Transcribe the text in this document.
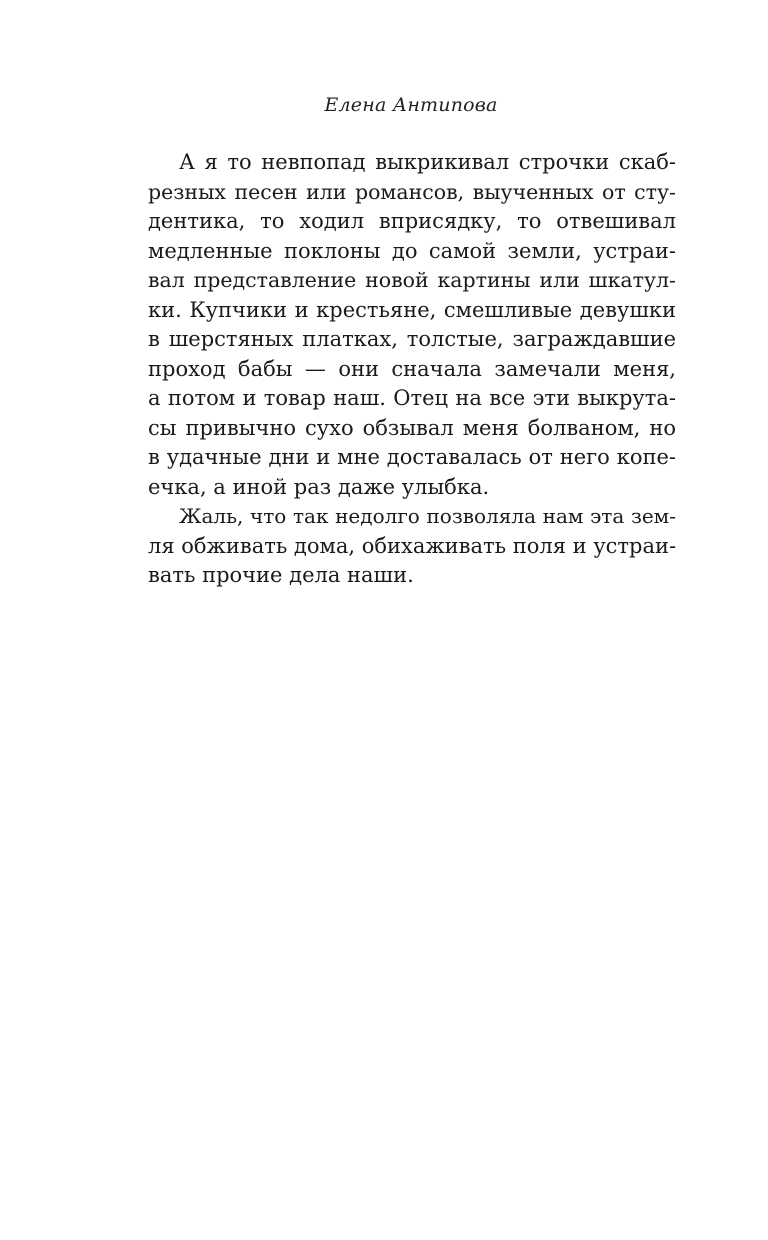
Елена Антипова
А я то невпопад выкрикивал строчки скаб-
резных песен или романсов, выученных от сту-
дентика, то ходил вприсядку, то отвешивал
медленные поклоны до самой земли, устраи-
вал представление новой картины или шкатул-
ки. Купчики и крестьяне, смешливые девушки
в шерстяных платках, толстые, заграждавшие
проход бабы — они сначала замечали меня,
а потом и товар наш. Отец на все эти выкрута-
сы привычно сухо обзывал меня болваном, но
в удачные дни и мне доставалась от него копе-
ечка, а иной раз даже улыбка.
Жаль, что так недолго позволяла нам эта зем-
ля обживать дома, обихаживать поля и устраи-
вать прочие дела наши.
